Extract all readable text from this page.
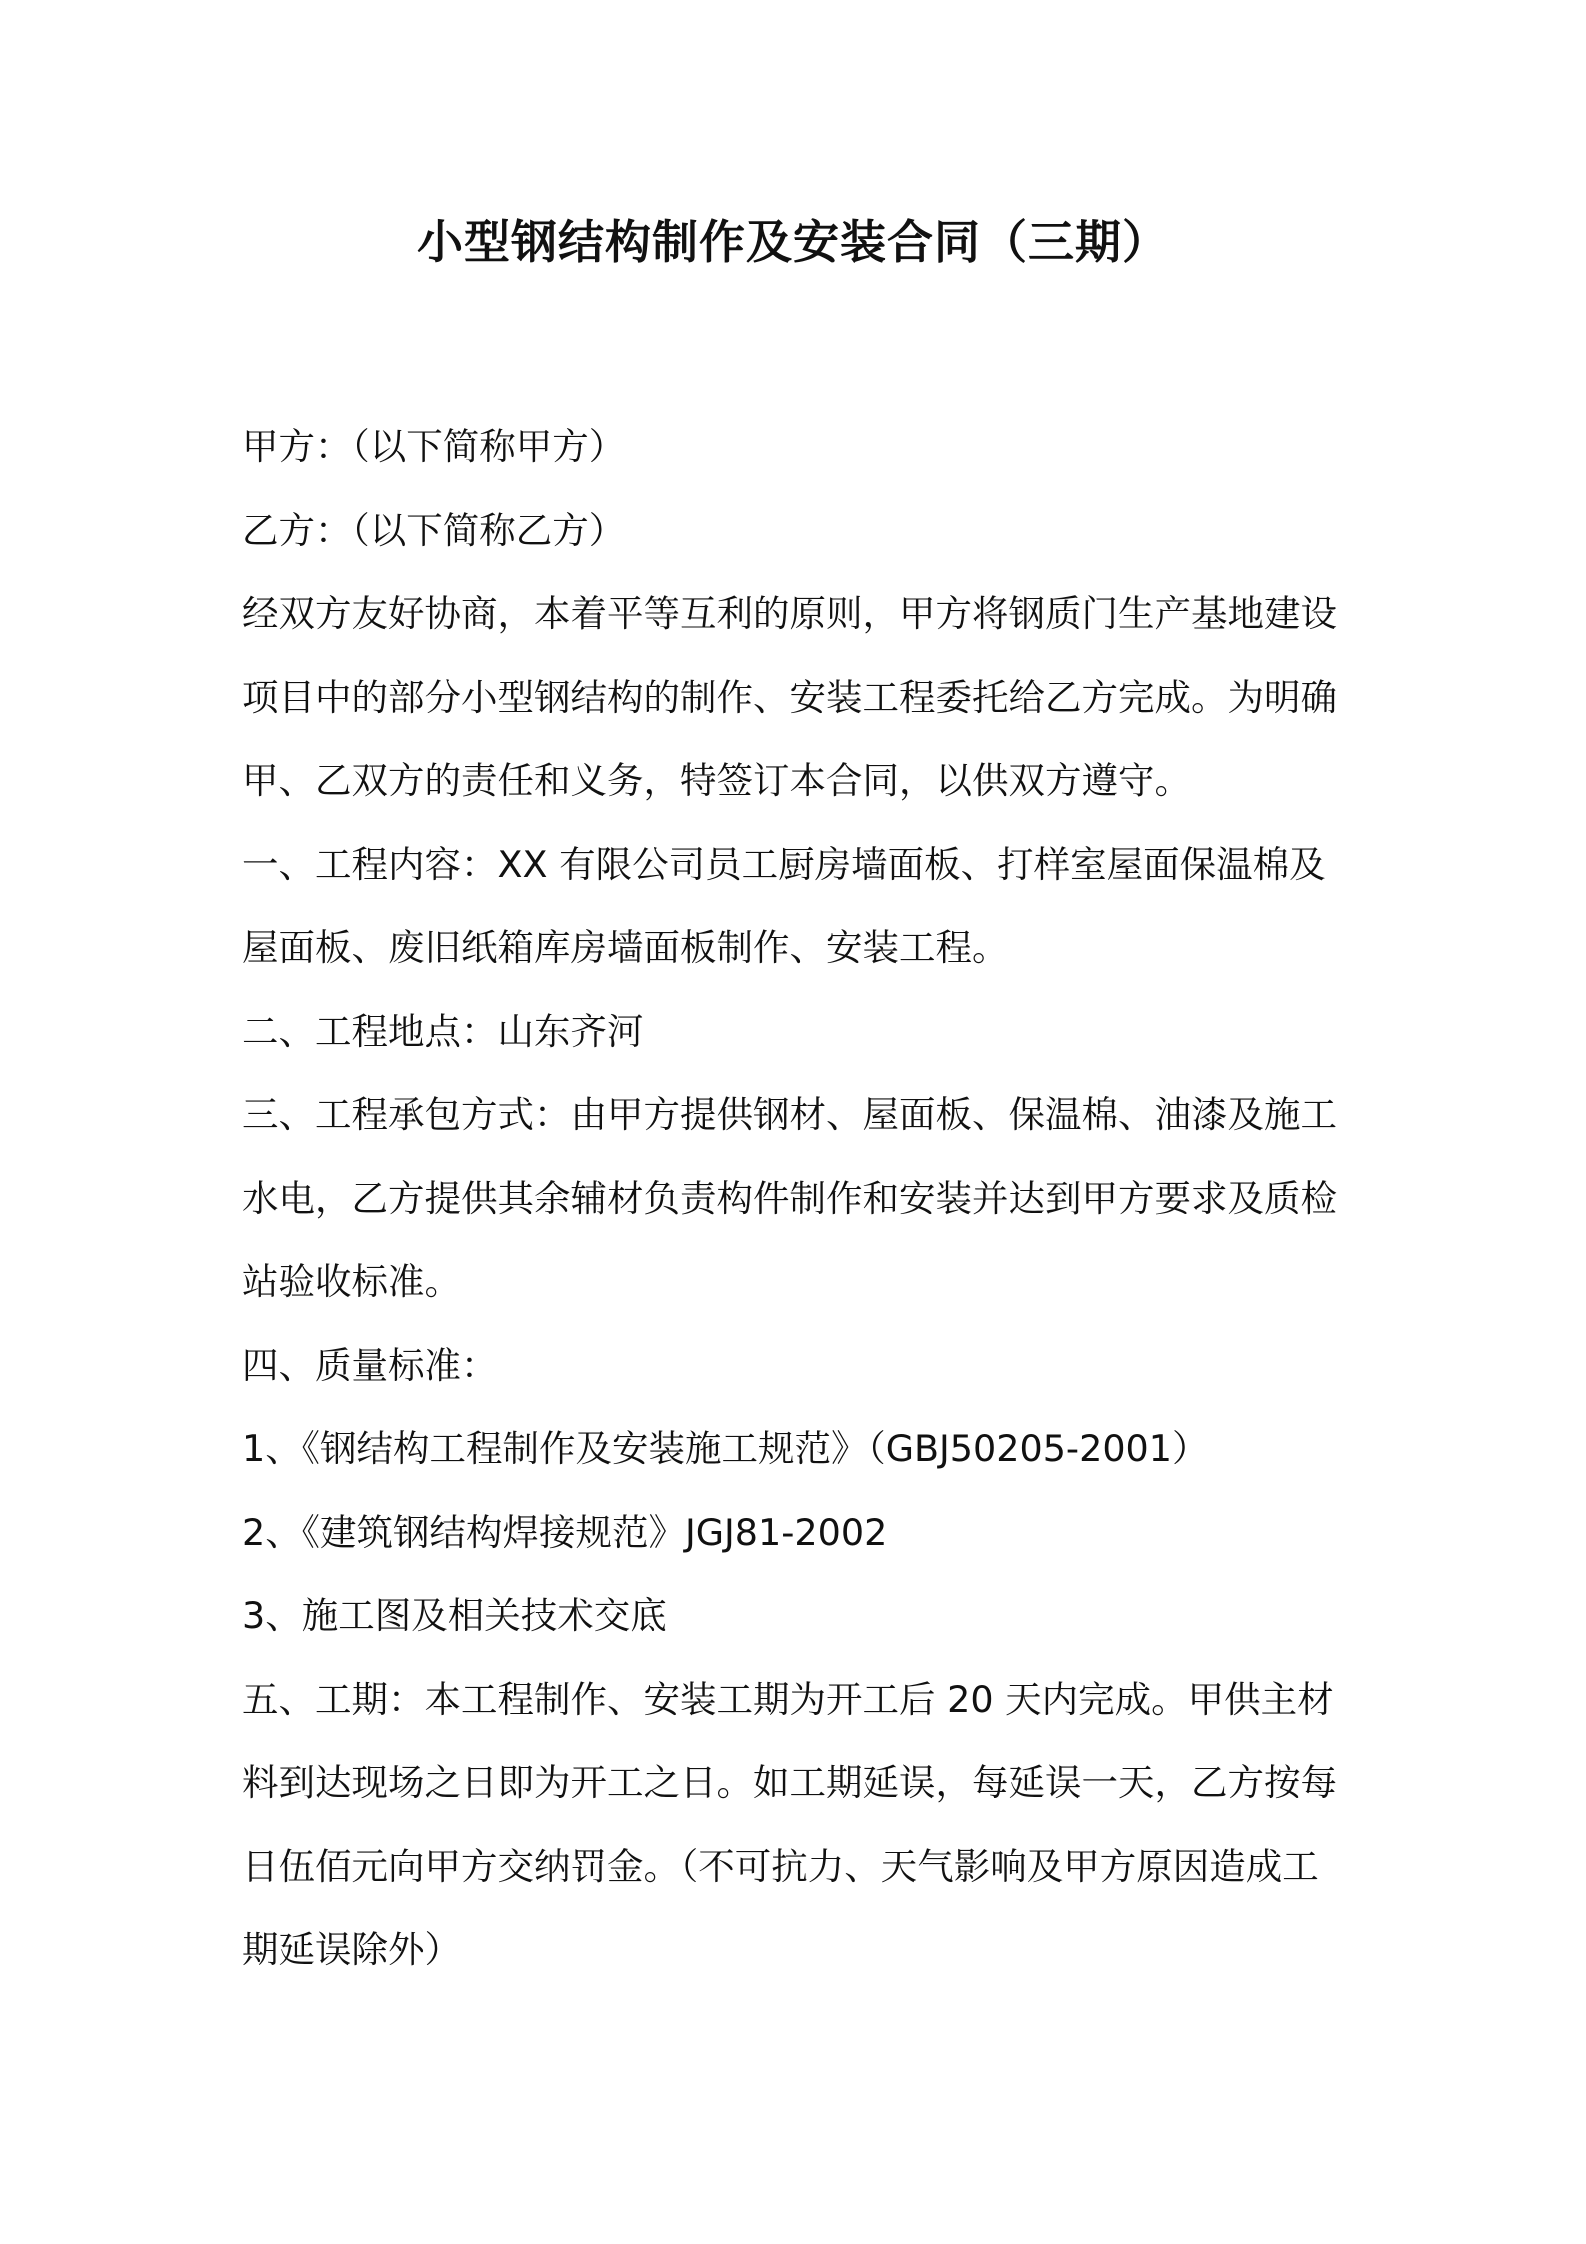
小型钢结构制作及安装合同（三期）

甲方：（以下简称甲方）

乙方：（以下简称乙方）

经双方友好协商，本着平等互利的原则，甲方将钢质门生产基地建设

项目中的部分小型钢结构的制作、安装工程委托给乙方完成。为明确

甲、乙双方的责任和义务，特签订本合同，以供双方遵守。

一、工程内容：XX 有限公司员工厨房墙面板、打样室屋面保温棉及

屋面板、废旧纸箱库房墙面板制作、安装工程。

二、工程地点：山东齐河

三、工程承包方式：由甲方提供钢材、屋面板、保温棉、油漆及施工

水电，乙方提供其余辅材负责构件制作和安装并达到甲方要求及质检

站验收标准。

四、质量标准：

1、《钢结构工程制作及安装施工规范》（GBJ50205-2001）

2、《建筑钢结构焊接规范》JGJ81-2002

3、施工图及相关技术交底

五、工期：本工程制作、安装工期为开工后 20 天内完成。甲供主材

料到达现场之日即为开工之日。如工期延误，每延误一天，乙方按每

日伍佰元向甲方交纳罚金。（不可抗力、天气影响及甲方原因造成工

期延误除外）
